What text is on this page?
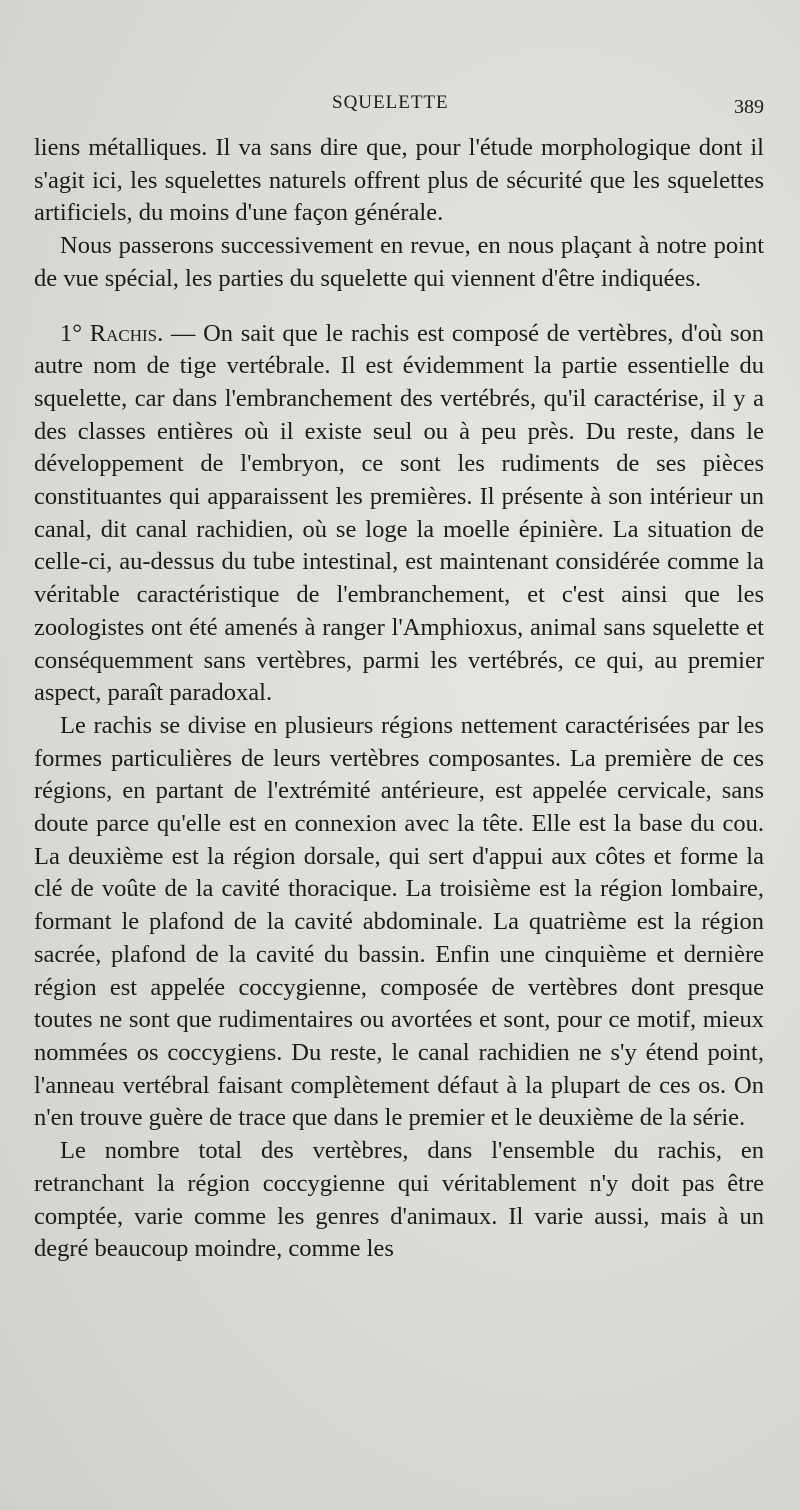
SQUELETTE	389

liens métalliques. Il va sans dire que, pour l'étude morphologique dont il s'agit ici, les squelettes naturels offrent plus de sécurité que les squelettes artificiels, du moins d'une façon générale.

Nous passerons successivement en revue, en nous plaçant à notre point de vue spécial, les parties du squelette qui viennent d'être indiquées.

1° Rachis. — On sait que le rachis est composé de vertèbres, d'où son autre nom de tige vertébrale. Il est évidemment la partie essentielle du squelette, car dans l'embranchement des vertébrés, qu'il caractérise, il y a des classes entières où il existe seul ou à peu près. Du reste, dans le développement de l'embryon, ce sont les rudiments de ses pièces constituantes qui apparaissent les premières. Il présente à son intérieur un canal, dit canal rachidien, où se loge la moelle épinière. La situation de celle-ci, au-dessus du tube intestinal, est maintenant considérée comme la véritable caractéristique de l'embranchement, et c'est ainsi que les zoologistes ont été amenés à ranger l'Amphioxus, animal sans squelette et conséquemment sans vertèbres, parmi les vertébrés, ce qui, au premier aspect, paraît paradoxal.

Le rachis se divise en plusieurs régions nettement caractérisées par les formes particulières de leurs vertèbres composantes. La première de ces régions, en partant de l'extrémité antérieure, est appelée cervicale, sans doute parce qu'elle est en connexion avec la tête. Elle est la base du cou. La deuxième est la région dorsale, qui sert d'appui aux côtes et forme la clé de voûte de la cavité thoracique. La troisième est la région lombaire, formant le plafond de la cavité abdominale. La quatrième est la région sacrée, plafond de la cavité du bassin. Enfin une cinquième et dernière région est appelée coccygienne, composée de vertèbres dont presque toutes ne sont que rudimentaires ou avortées et sont, pour ce motif, mieux nommées os coccygiens. Du reste, le canal rachidien ne s'y étend point, l'anneau vertébral faisant complètement défaut à la plupart de ces os. On n'en trouve guère de trace que dans le premier et le deuxième de la série.

Le nombre total des vertèbres, dans l'ensemble du rachis, en retranchant la région coccygienne qui véritablement n'y doit pas être comptée, varie comme les genres d'animaux. Il varie aussi, mais à un degré beaucoup moindre, comme les
